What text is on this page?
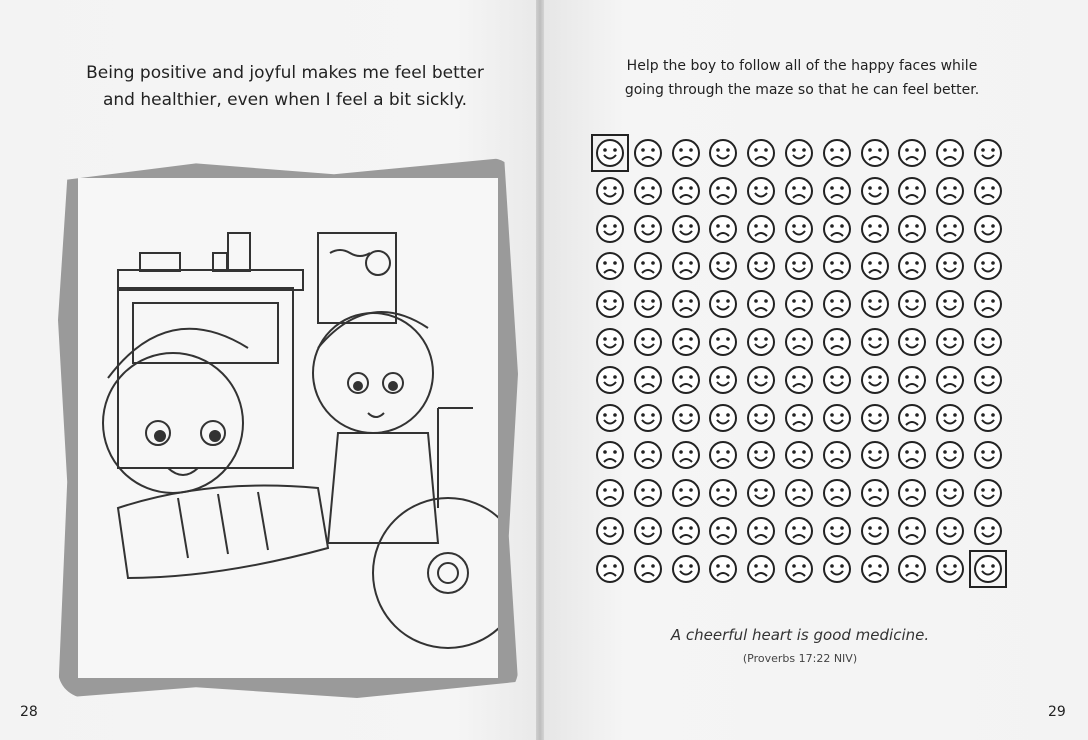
Being positive and joyful makes me feel better
and healthier, even when I feel a bit sickly.
28
Help the boy to follow all of the happy faces while
going through the maze so that he can feel better.
A cheerful heart is good medicine.
(Proverbs 17:22 NIV)
29
